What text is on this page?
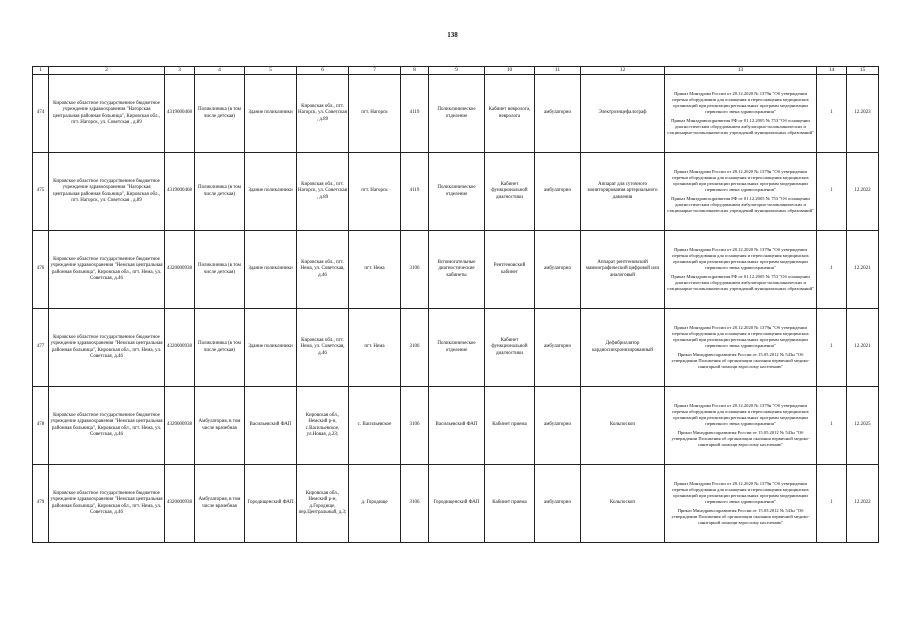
138
1	2	3	4	5	6	7	8	9	10	11	12	13	14	15
474	Кировское областное государственное бюджетное учреждение здравоохранения "Нагорская центральная районная больница", Кировская обл., пгт. Нагорск, ул. Советская , д.89	4319000468	Поликлиника (в том числе детская)	Здание поликлиники	Кировская обл., пгт. Нагорск, ул. Советская , д.89	пгт. Нагорск	4119	Поликлиническое отделение	Кабинет невролога, невролога	амбулаторно	Электроэнцефалограф	Приказ Минздрава России от 28.12.2020 № 1379н "Об утверждении перечня оборудования для оснащения и переоснащения медицинских организаций при реализации региональных программ модернизации первичного звена здравоохранения"
Приказ Минздравсоцразвития РФ от 01.12.2005 № 753 "Об оснащении диагностическим оборудованием амбулаторно-поликлинических и стационарно-поликлинических учреждений муниципальных образований"	1	12.2023
475	Кировское областное государственное бюджетное учреждение здравоохранения "Нагорская центральная районная больница", Кировская обл., пгт. Нагорск, ул. Советская , д.89	4319000468	Поликлиника (в том числе детская)	Здание поликлиники	Кировская обл., пгт. Нагорск, ул. Советская , д.89	пгт. Нагорск	4119	Поликлиническое отделение	Кабинет функциональной диагностики	амбулаторно	Аппарат для суточного мониторирования артериального давления	Приказ Минздрава России от 28.12.2020 № 1379н "Об утверждении перечня оборудования для оснащения и переоснащения медицинских организаций при реализации региональных программ модернизации первичного звена здравоохранения"
Приказ Минздравсоцразвития РФ от 01.12.2005 № 753 "Об оснащении диагностическим оборудованием амбулаторно-поликлинических и стационарно-поликлинических учреждений муниципальных образований"	1	12.2022
476	Кировское областное государственное бюджетное учреждение здравоохранения "Немская центральная районная больница", Кировская обл., пгт. Нема, ул. Советская, д.46	4320000938	Поликлиника (в том числе детская)	Здание поликлиники	Кировская обл., пгт. Нема, ул. Советская, д.46	пгт. Нема	3106	Вспомогательные диагностические кабинеты	Рентгеновский кабинет	амбулаторно	Аппарат рентгеновский маммографический цифровой или аналоговый	Приказ Минздрава России от 28.12.2020 № 1379н "Об утверждении перечня оборудования для оснащения и переоснащения медицинских организаций при реализации региональных программ модернизации первичного звена здравоохранения"
Приказ Минздравсоцразвития РФ от 01.12.2005 № 753 "Об оснащении диагностическим оборудованием амбулаторно-поликлинических и стационарно-поликлинических учреждений муниципальных образований"	1	12.2021
477	Кировское областное государственное бюджетное учреждение здравоохранения "Немская центральная районная больница", Кировская обл., пгт. Нема, ул. Советская, д.46	4320000938	Поликлиника (в том числе детская)	Здание поликлиники	Кировская обл., пгт. Нема, ул. Советская, д.46	пгт. Нема	3106	Поликлиническое отделение	Кабинет функциональной диагностики	амбулаторно	Дефибриллятор кардиосинхронизированный	Приказ Минздрава России от 28.12.2020 № 1379н "Об утверждении перечня оборудования для оснащения и переоснащения медицинских организаций при реализации региональных программ модернизации первичного звена здравоохранения"
Приказ Минздравсоцразвития России от 15.05.2012 № 543н "Об утверждении Положения об организации оказания первичной медико-санитарной помощи взрослому населению"	1	12.2021
478	Кировское областное государственное бюджетное учреждение здравоохранения "Немская центральная районная больница", Кировская обл., пгт. Нема, ул. Советская, д.46	4320000938	Амбулатория, в том числе врачебная	Васильевский ФАП	Кировская обл., Немский р-н, с.Васильевское, ул.Новая, д.23;	с. Васильевское	3106	Васильевский ФАП	Кабинет приема	амбулаторно	Кольпоскоп	Приказ Минздрава России от 28.12.2020 № 1379н "Об утверждении перечня оборудования для оснащения и переоснащения медицинских организаций при реализации региональных программ модернизации первичного звена здравоохранения"
Приказ Минздравсоцразвития России от 15.05.2012 № 543н "Об утверждении Положения об организации оказания первичной медико-санитарной помощи взрослому населению"	1	12.2025
479	Кировское областное государственное бюджетное учреждение здравоохранения "Немская центральная районная больница", Кировская обл., пгт. Нема, ул. Советская, д.46	4320000938	Амбулатория, в том числе врачебная	Городищенский ФАП	Кировская обл., Немский р-н, д.Городище, пер.Центральный, д.3;	д. Городище	3106	Городищенский ФАП	Кабинет приема	амбулаторно	Кольпоскоп	Приказ Минздрава России от 28.12.2020 № 1379н "Об утверждении перечня оборудования для оснащения и переоснащения медицинских организаций при реализации региональных программ модернизации первичного звена здравоохранения"
Приказ Минздравсоцразвития России от 15.05.2012 № 543н "Об утверждении Положения об организации оказания первичной медико-санитарной помощи взрослому населению"	1	12.2022
